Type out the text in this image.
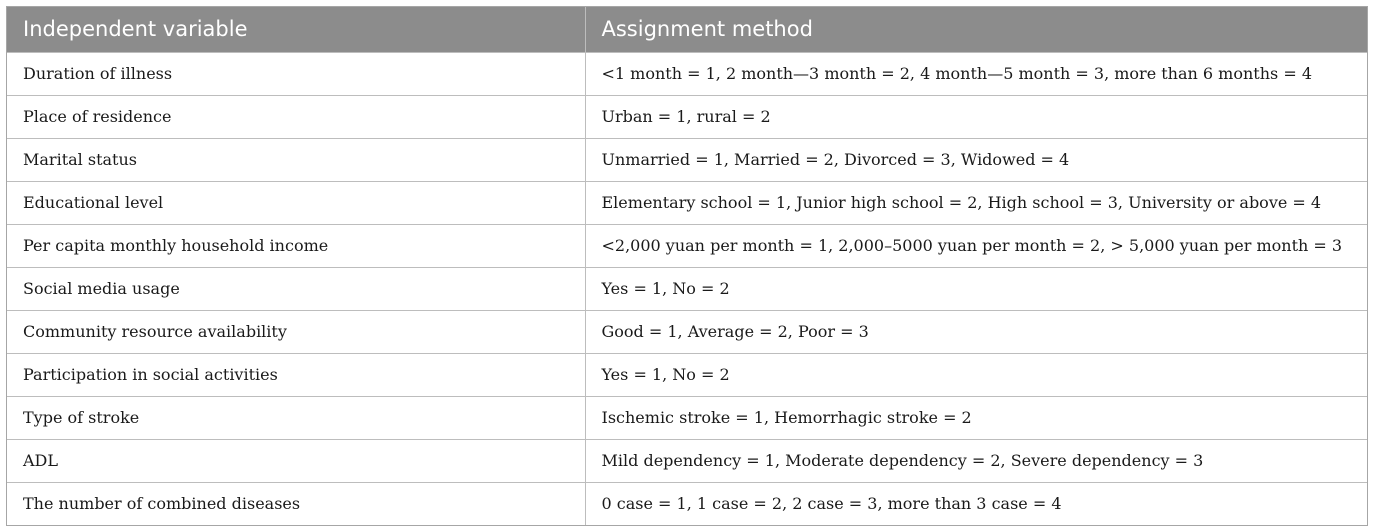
Independent variable	Assignment method
Duration of illness	<1 month = 1, 2 month—3 month = 2, 4 month—5 month = 3, more than 6 months = 4
Place of residence	Urban = 1, rural = 2
Marital status	Unmarried = 1, Married = 2, Divorced = 3, Widowed = 4
Educational level	Elementary school = 1, Junior high school = 2, High school = 3, University or above = 4
Per capita monthly household income	<2,000 yuan per month = 1, 2,000–5000 yuan per month = 2, > 5,000 yuan per month = 3
Social media usage	Yes = 1, No = 2
Community resource availability	Good = 1, Average = 2, Poor = 3
Participation in social activities	Yes = 1, No = 2
Type of stroke	Ischemic stroke = 1, Hemorrhagic stroke = 2
ADL	Mild dependency = 1, Moderate dependency = 2, Severe dependency = 3
The number of combined diseases	0 case = 1, 1 case = 2, 2 case = 3, more than 3 case = 4
